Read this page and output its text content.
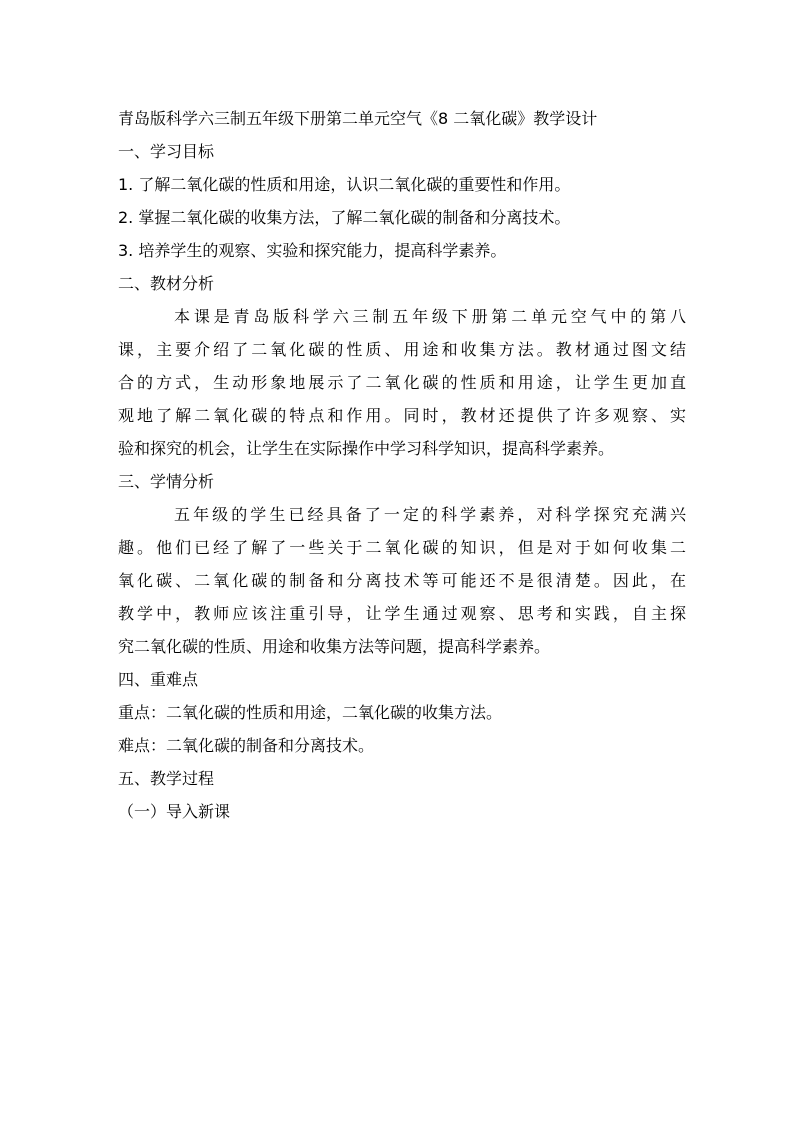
青岛版科学六三制五年级下册第二单元空气《8 二氧化碳》教学设计

一、学习目标

1. 了解二氧化碳的性质和用途，认识二氧化碳的重要性和作用。

2. 掌握二氧化碳的收集方法，了解二氧化碳的制备和分离技术。

3. 培养学生的观察、实验和探究能力，提高科学素养。

二、教材分析

本课是青岛版科学六三制五年级下册第二单元空气中的第八

课，主要介绍了二氧化碳的性质、用途和收集方法。教材通过图文结

合的方式，生动形象地展示了二氧化碳的性质和用途，让学生更加直

观地了解二氧化碳的特点和作用。同时，教材还提供了许多观察、实

验和探究的机会，让学生在实际操作中学习科学知识，提高科学素养。

三、学情分析

五年级的学生已经具备了一定的科学素养，对科学探究充满兴

趣。他们已经了解了一些关于二氧化碳的知识，但是对于如何收集二

氧化碳、二氧化碳的制备和分离技术等可能还不是很清楚。因此，在

教学中，教师应该注重引导，让学生通过观察、思考和实践，自主探

究二氧化碳的性质、用途和收集方法等问题，提高科学素养。

四、重难点

重点：二氧化碳的性质和用途，二氧化碳的收集方法。

难点：二氧化碳的制备和分离技术。

五、教学过程

（一）导入新课
